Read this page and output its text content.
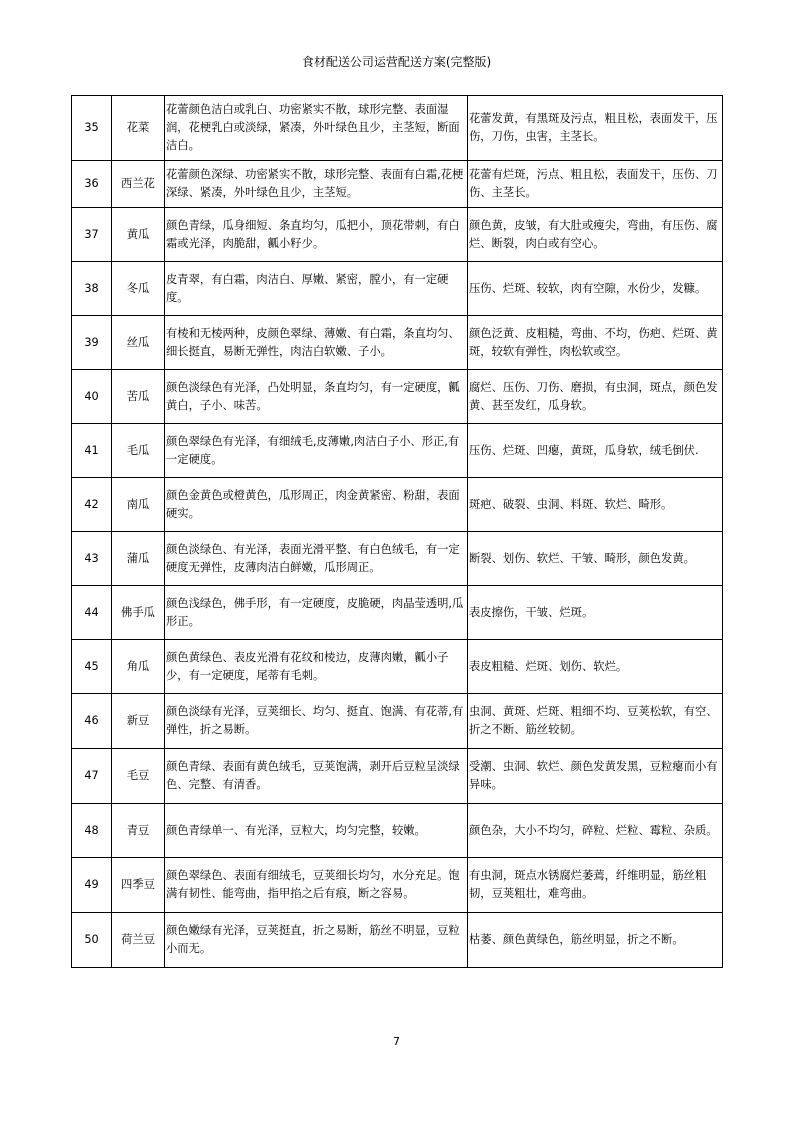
食材配送公司运营配送方案(完整版)
35	花菜	花蕾颜色洁白或乳白、功密紧实不散，球形完整、表面湿润，花梗乳白或淡绿，紧凑，外叶绿色且少，主茎短，断面洁白。	花蕾发黄，有黑斑及污点，粗且松，表面发干，压伤，刀伤，虫害，主茎长。
36	西兰花	花蕾颜色深绿、功密紧实不散，球形完整、表面有白霜,花梗深绿、紧凑，外叶绿色且少，主茎短。	花蕾有烂斑，污点、粗且松，表面发干，压伤、刀伤、主茎长。
37	黄瓜	颜色青绿，瓜身细短、条直均匀，瓜把小，顶花带刺，有白霜或光泽，肉脆甜，瓤小籽少。	颜色黄，皮皱，有大肚或瘦尖，弯曲，有压伤、腐烂、断裂，肉白或有空心。
38	冬瓜	皮青翠，有白霜，肉洁白、厚嫩、紧密，膛小，有一定硬度。	压伤、烂斑、较软，肉有空隙，水份少，发糠。
39	丝瓜	有棱和无棱两种，皮颜色翠绿、薄嫩、有白霜，条直均匀、细长挺直，易断无弹性，肉洁白软嫩、子小。	颜色泛黄、皮粗糙，弯曲、不均，伤疤、烂斑、黄斑，较软有弹性，肉松软或空。
40	苦瓜	颜色淡绿色有光泽，凸处明显，条直均匀，有一定硬度，瓤黄白，子小、味苦。	腐烂、压伤、刀伤、磨损，有虫洞，斑点，颜色发黄、甚至发红，瓜身软。
41	毛瓜	颜色翠绿色有光泽，有细绒毛,皮薄嫩,肉洁白子小、形正,有一定硬度。	压伤、烂斑、凹瘪，黄斑，瓜身软，绒毛倒伏.
42	南瓜	颜色金黄色或橙黄色，瓜形周正，肉金黄紧密、粉甜，表面硬实。	斑疤、破裂、虫洞、料斑、软烂、畸形。
43	蒲瓜	颜色淡绿色、有光泽，表面光滑平整、有白色绒毛，有一定硬度无弹性，皮薄肉洁白鲜嫩，瓜形周正。	断裂、划伤、软烂、干皱、畸形，颜色发黄。
44	佛手瓜	颜色浅绿色，佛手形，有一定硬度，皮脆硬，肉晶莹透明,瓜形正。	表皮擦伤，干皱、烂斑。
45	角瓜	颜色黄绿色、表皮光滑有花纹和棱边，皮薄肉嫩，瓤小子少，有一定硬度，尾蒂有毛刺。	表皮粗糙、烂斑、划伤、软烂。
46	新豆	颜色淡绿有光泽，豆荚细长、均匀、挺直、饱满、有花蒂,有弹性，折之易断。	虫洞、黄斑、烂斑、粗细不均、豆荚松软，有空、折之不断、筋丝较韧。
47	毛豆	颜色青绿、表面有黄色绒毛，豆荚饱满，剥开后豆粒呈淡绿色、完整、有清香。	受潮、虫洞、软烂、颜色发黄发黑，豆粒瘪而小有异味。
48	青豆	颜色青绿单一、有光泽，豆粒大，均匀完整，较嫩。	颜色杂，大小不均匀，碎粒、烂粒、霉粒、杂质。
49	四季豆	颜色翠绿色、表面有细绒毛，豆荚细长均匀，水分充足。饱满有韧性、能弯曲，指甲掐之后有痕，断之容易。	有虫洞，斑点水锈腐烂萎蔫，纤维明显，筋丝粗韧，豆荚粗壮，难弯曲。
50	荷兰豆	颜色嫩绿有光泽，豆荚挺直，折之易断，筋丝不明显，豆粒小而无。	枯萎、颜色黄绿色，筋丝明显，折之不断。
7
